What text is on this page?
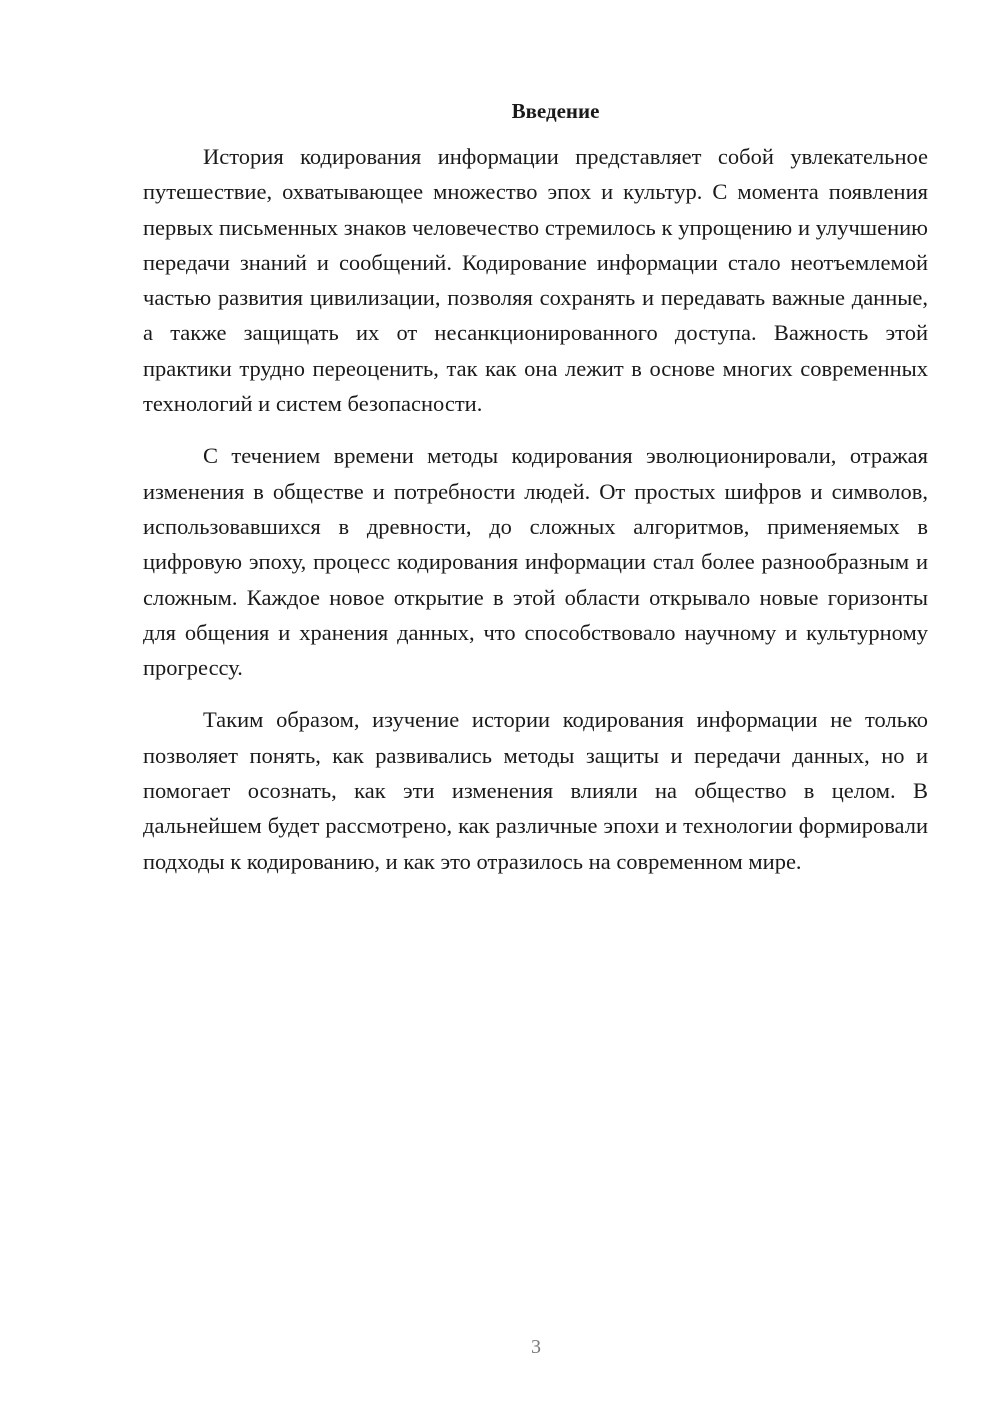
Введение

История кодирования информации представляет собой увлекательное путешествие, охватывающее множество эпох и культур. С момента появления первых письменных знаков человечество стремилось к упрощению и улучшению передачи знаний и сообщений. Кодирование информации стало неотъемлемой частью развития цивилизации, позволяя сохранять и передавать важные данные, а также защищать их от несанкционированного доступа. Важность этой практики трудно переоценить, так как она лежит в основе многих современных технологий и систем безопасности.

С течением времени методы кодирования эволюционировали, отражая изменения в обществе и потребности людей. От простых шифров и символов, использовавшихся в древности, до сложных алгоритмов, применяемых в цифровую эпоху, процесс кодирования информации стал более разнообразным и сложным. Каждое новое открытие в этой области открывало новые горизонты для общения и хранения данных, что способствовало научному и культурному прогрессу.

Таким образом, изучение истории кодирования информации не только позволяет понять, как развивались методы защиты и передачи данных, но и помогает осознать, как эти изменения влияли на общество в целом. В дальнейшем будет рассмотрено, как различные эпохи и технологии формировали подходы к кодированию, и как это отразилось на современном мире.

3
